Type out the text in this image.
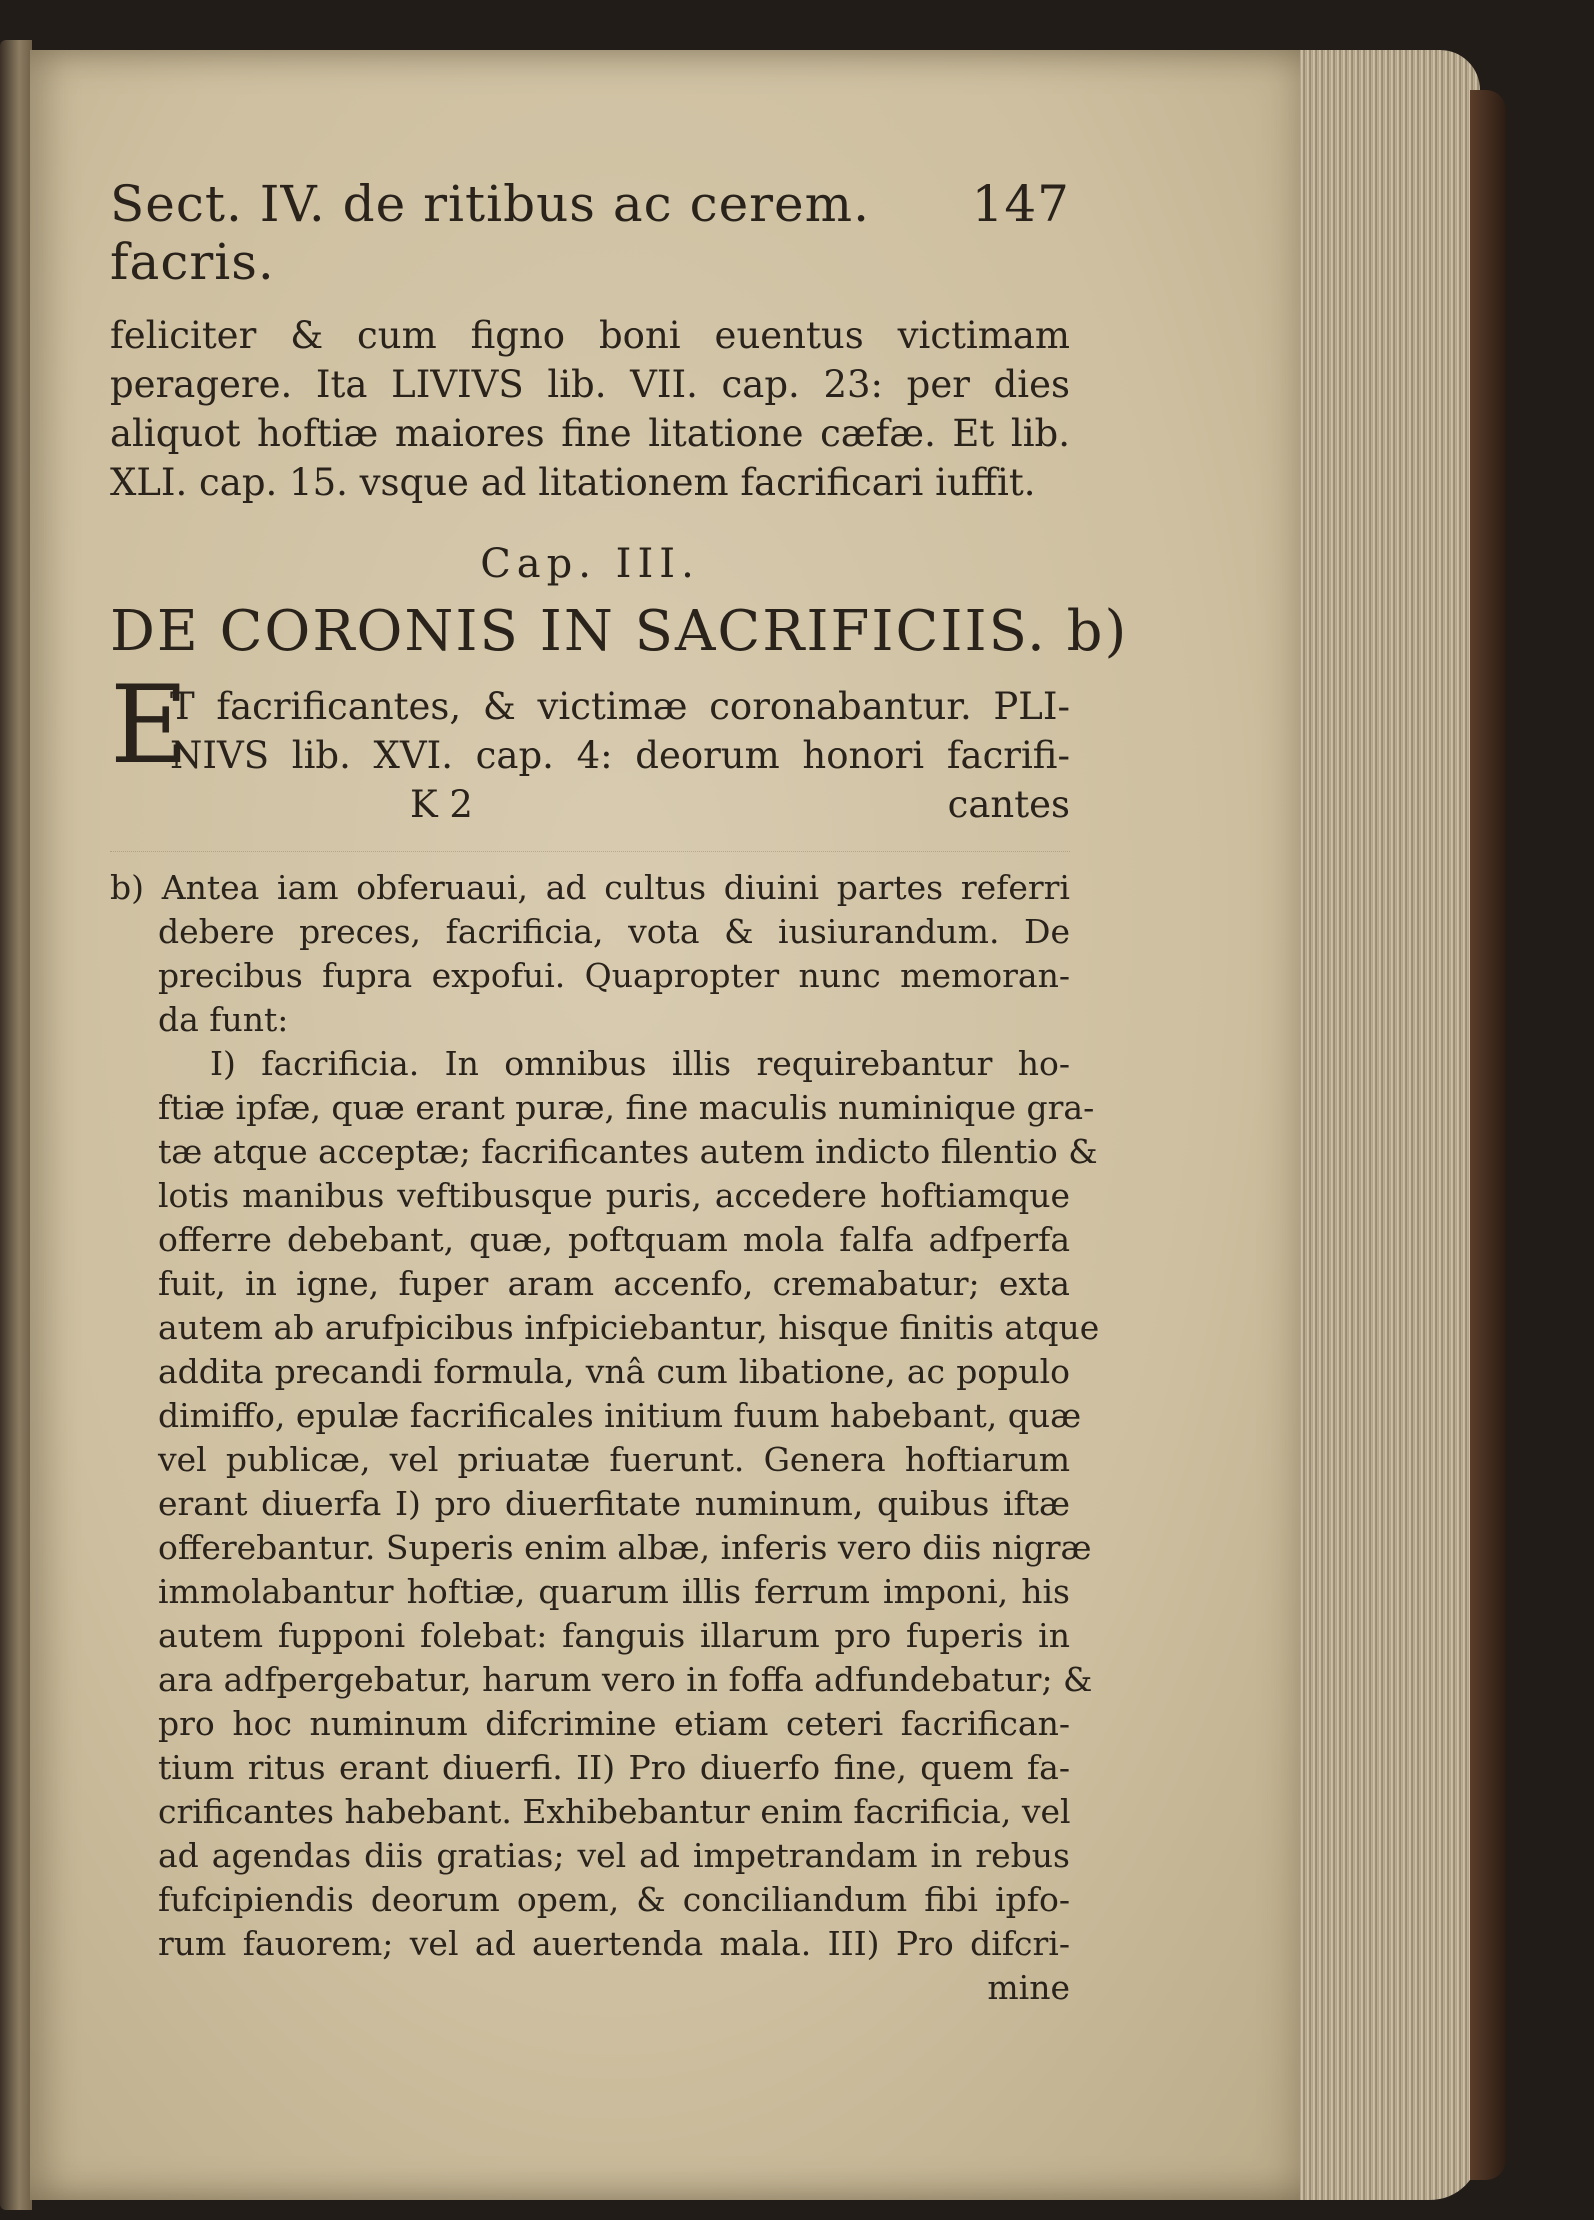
Sect. IV. de ritibus ac cerem. facris.
147
feliciter & cum figno boni euentus victimam
peragere. Ita LIVIVS lib. VII. cap. 23: per dies
aliquot hoftiæ maiores fine litatione cæfæ. Et lib.
XLI. cap. 15. vsque ad litationem facrificari iuffit.
Cap. III.
DE CORONIS IN SACRIFICIIS. b)
E
T facrificantes, & victimæ coronabantur. PLI-
NIVS lib. XVI. cap. 4: deorum honori facrifi-
K 2	cantes
b) Antea iam obferuaui, ad cultus diuini partes referri
debere preces, facrificia, vota & iusiurandum. De
precibus fupra expofui. Quapropter nunc memoran-
da funt:
I) facrificia. In omnibus illis requirebantur ho-
ftiæ ipfæ, quæ erant puræ, fine maculis numinique gra-
tæ atque acceptæ; facrificantes autem indicto filentio &
lotis manibus veftibusque puris, accedere hoftiamque
offerre debebant, quæ, poftquam mola falfa adfperfa
fuit, in igne, fuper aram accenfo, cremabatur; exta
autem ab arufpicibus infpiciebantur, hisque finitis atque
addita precandi formula, vnâ cum libatione, ac populo
dimiffo, epulæ facrificales initium fuum habebant, quæ
vel publicæ, vel priuatæ fuerunt. Genera hoftiarum
erant diuerfa I) pro diuerfitate numinum, quibus iftæ
offerebantur. Superis enim albæ, inferis vero diis nigræ
immolabantur hoftiæ, quarum illis ferrum imponi, his
autem fupponi folebat: fanguis illarum pro fuperis in
ara adfpergebatur, harum vero in foffa adfundebatur; &
pro hoc numinum difcrimine etiam ceteri facrifican-
tium ritus erant diuerfi. II) Pro diuerfo fine, quem fa-
crificantes habebant. Exhibebantur enim facrificia, vel
ad agendas diis gratias; vel ad impetrandam in rebus
fufcipiendis deorum opem, & conciliandum fibi ipfo-
rum fauorem; vel ad auertenda mala. III) Pro difcri-
mine
